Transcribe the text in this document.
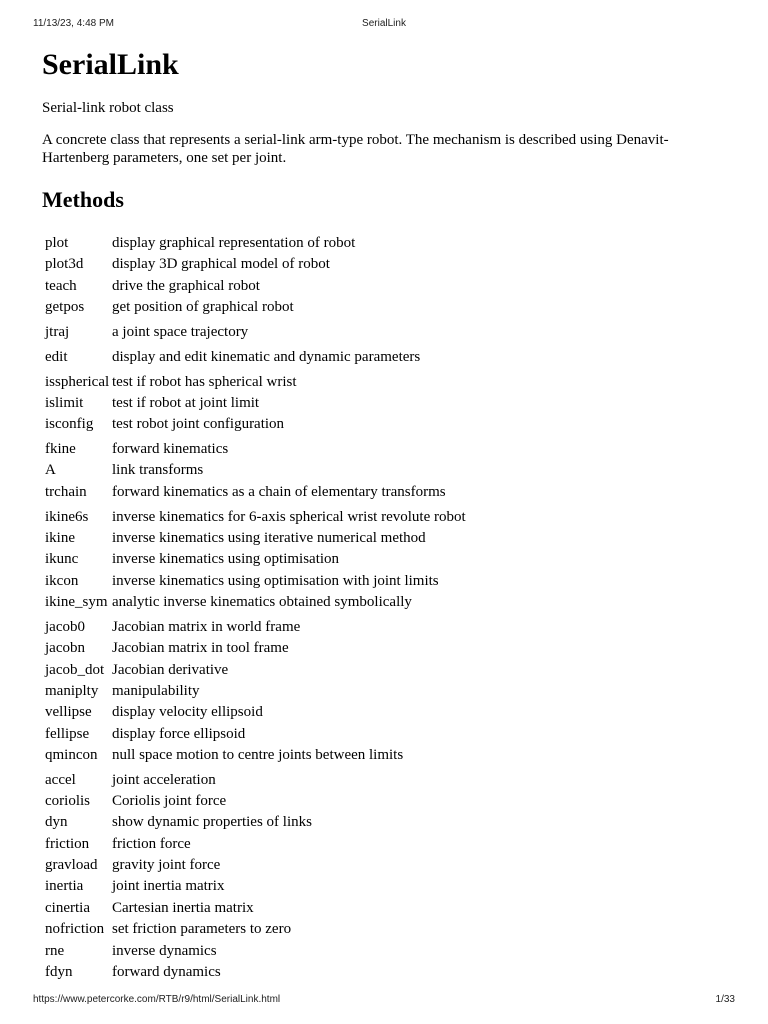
11/13/23, 4:48 PM	SerialLink
SerialLink

Serial-link robot class

A concrete class that represents a serial-link arm-type robot. The mechanism is described using Denavit-Hartenberg parameters, one set per joint.

Methods
plot	display graphical representation of robot
plot3d	display 3D graphical model of robot
teach	drive the graphical robot
getpos	get position of graphical robot
jtraj	a joint space trajectory
edit	display and edit kinematic and dynamic parameters
isspherical test if robot has spherical wrist
islimit	test if robot at joint limit
isconfig	test robot joint configuration
fkine	forward kinematics
A	link transforms
trchain	forward kinematics as a chain of elementary transforms
ikine6s	inverse kinematics for 6-axis spherical wrist revolute robot
ikine	inverse kinematics using iterative numerical method
ikunc	inverse kinematics using optimisation
ikcon	inverse kinematics using optimisation with joint limits
ikine_sym analytic inverse kinematics obtained symbolically
jacob0	Jacobian matrix in world frame
jacobn	Jacobian matrix in tool frame
jacob_dot Jacobian derivative
maniplty manipulability
vellipse	display velocity ellipsoid
fellipse	display force ellipsoid
qmincon null space motion to centre joints between limits
accel	joint acceleration
coriolis	Coriolis joint force
dyn	show dynamic properties of links
friction	friction force
gravload gravity joint force
inertia	joint inertia matrix
cinertia	Cartesian inertia matrix
nofriction set friction parameters to zero
rne	inverse dynamics
fdyn	forward dynamics
https://www.petercorke.com/RTB/r9/html/SerialLink.html	1/33
